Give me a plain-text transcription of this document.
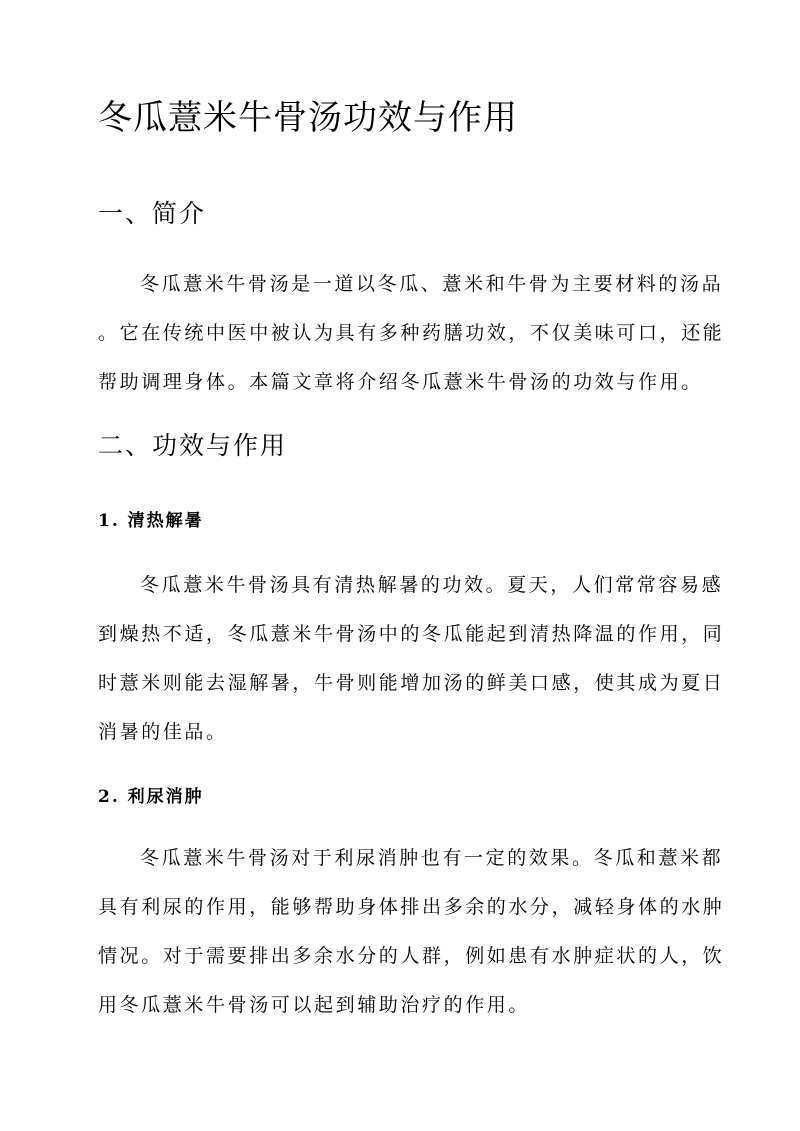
冬瓜薏米牛骨汤功效与作用
一、简介
冬瓜薏米牛骨汤是一道以冬瓜、薏米和牛骨为主要材料的汤品
。它在传统中医中被认为具有多种药膳功效，不仅美味可口，还能
帮助调理身体。本篇文章将介绍冬瓜薏米牛骨汤的功效与作用。
二、功效与作用
1. 清热解暑
冬瓜薏米牛骨汤具有清热解暑的功效。夏天，人们常常容易感
到燥热不适，冬瓜薏米牛骨汤中的冬瓜能起到清热降温的作用，同
时薏米则能去湿解暑，牛骨则能增加汤的鲜美口感，使其成为夏日
消暑的佳品。
2. 利尿消肿
冬瓜薏米牛骨汤对于利尿消肿也有一定的效果。冬瓜和薏米都
具有利尿的作用，能够帮助身体排出多余的水分，减轻身体的水肿
情况。对于需要排出多余水分的人群，例如患有水肿症状的人，饮
用冬瓜薏米牛骨汤可以起到辅助治疗的作用。
